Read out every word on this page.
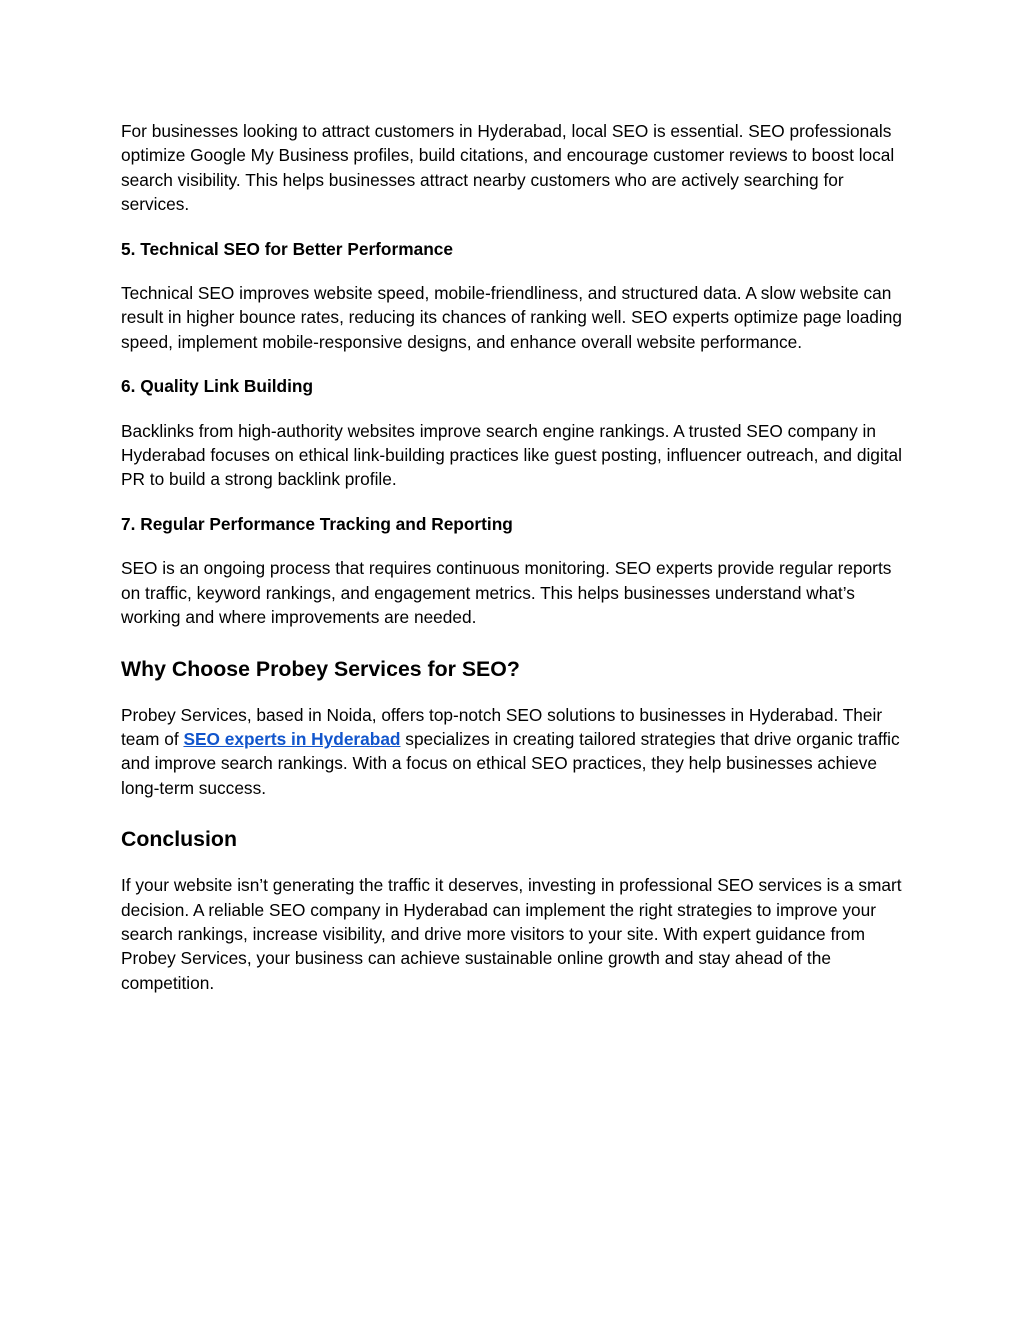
For businesses looking to attract customers in Hyderabad, local SEO is essential. SEO professionals optimize Google My Business profiles, build citations, and encourage customer reviews to boost local search visibility. This helps businesses attract nearby customers who are actively searching for services.

5. Technical SEO for Better Performance

Technical SEO improves website speed, mobile-friendliness, and structured data. A slow website can result in higher bounce rates, reducing its chances of ranking well. SEO experts optimize page loading speed, implement mobile-responsive designs, and enhance overall website performance.

6. Quality Link Building

Backlinks from high-authority websites improve search engine rankings. A trusted SEO company in Hyderabad focuses on ethical link-building practices like guest posting, influencer outreach, and digital PR to build a strong backlink profile.

7. Regular Performance Tracking and Reporting

SEO is an ongoing process that requires continuous monitoring. SEO experts provide regular reports on traffic, keyword rankings, and engagement metrics. This helps businesses understand what’s working and where improvements are needed.

Why Choose Probey Services for SEO?

Probey Services, based in Noida, offers top-notch SEO solutions to businesses in Hyderabad. Their team of SEO experts in Hyderabad specializes in creating tailored strategies that drive organic traffic and improve search rankings. With a focus on ethical SEO practices, they help businesses achieve long-term success.

Conclusion

If your website isn’t generating the traffic it deserves, investing in professional SEO services is a smart decision. A reliable SEO company in Hyderabad can implement the right strategies to improve your search rankings, increase visibility, and drive more visitors to your site. With expert guidance from Probey Services, your business can achieve sustainable online growth and stay ahead of the competition.
